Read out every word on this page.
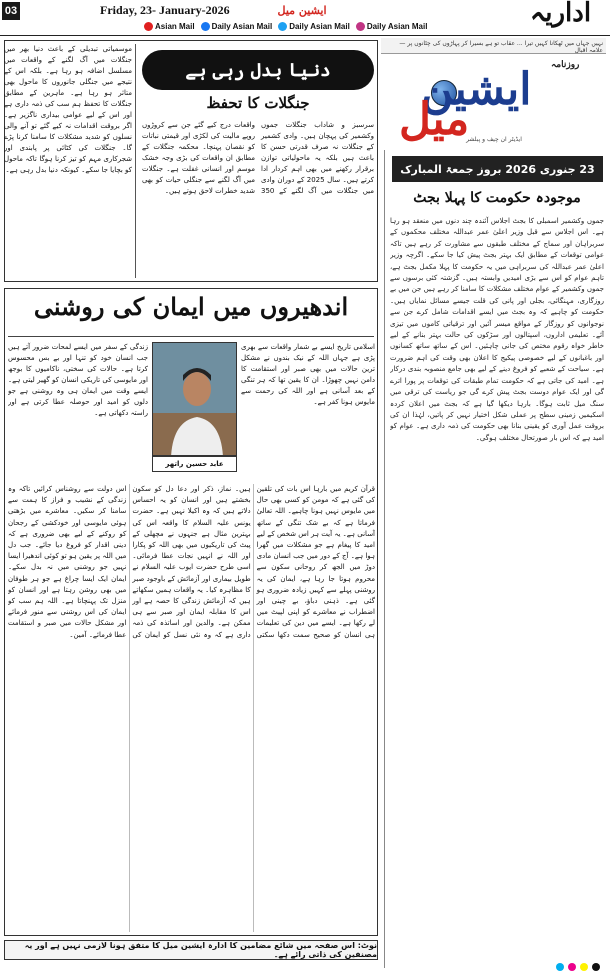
03	Friday, 23- January-2026	ایشین میل	اداریہ
Asian Mail Daily Asian Mail Daily Asian Mail Daily Asian Mail
نہیں جہاں میں ٹھکانا کہیں تیرا ... عقاب تو ہے بسیرا کر پہاڑوں کی چٹانوں پر — علامہ اقبال
روزنامہ
ایشین
میل
ایڈیٹر ان چیف و پبلشر
23 جنوری 2026 بروز جمعۃ المبارک
موجودہ حکومت کا پہلا بجٹ
جموں وکشمیر اسمبلی کا بجٹ اجلاس آئندہ چند دنوں میں منعقد ہو رہا ہے۔ اس اجلاس سے قبل وزیر اعلیٰ عمر عبداللہ مختلف محکموں کے سربراہان اور سماج کے مختلف طبقوں سے مشاورت کر رہے ہیں تاکہ عوامی توقعات کے مطابق ایک بہتر بجٹ پیش کیا جا سکے۔ اگرچہ وزیر اعلیٰ عمر عبداللہ کی سربراہی میں یہ حکومت کا پہلا مکمل بجٹ ہے، تاہم عوام کو اس سے بڑی امیدیں وابستہ ہیں۔ گزشتہ کئی برسوں سے جموں وکشمیر کے عوام مختلف مشکلات کا سامنا کر رہے ہیں جن میں بے روزگاری، مہنگائی، بجلی اور پانی کی قلت جیسے مسائل نمایاں ہیں۔ حکومت کو چاہیے کہ وہ بجٹ میں ایسے اقدامات شامل کرے جن سے نوجوانوں کو روزگار کے مواقع میسر آئیں اور ترقیاتی کاموں میں تیزی آئے۔ تعلیمی اداروں، اسپتالوں اور سڑکوں کی حالت بہتر بنانے کے لیے خاطر خواہ رقوم مختص کی جانی چاہئیں۔ اس کے ساتھ ساتھ کسانوں اور باغبانوں کے لیے خصوصی پیکیج کا اعلان بھی وقت کی اہم ضرورت ہے۔ سیاحت کے شعبے کو فروغ دینے کے لیے بھی جامع منصوبہ بندی درکار ہے۔ امید کی جاتی ہے کہ حکومت تمام طبقات کی توقعات پر پورا اترے گی اور ایک عوام دوست بجٹ پیش کرے گی جو ریاست کی ترقی میں سنگ میل ثابت ہوگا۔ بارہا دیکھا گیا ہے کہ بجٹ میں اعلان کردہ اسکیمیں زمینی سطح پر عملی شکل اختیار نہیں کر پاتیں، لہٰذا ان کی بروقت عمل آوری کو یقینی بنانا بھی حکومت کی ذمہ داری ہے۔ عوام کو امید ہے کہ اس بار صورتحال مختلف ہوگی۔
موسمیاتی تبدیلی کے باعث دنیا بھر میں جنگلات میں آگ لگنے کے واقعات میں مسلسل اضافہ ہو رہا ہے۔ بلکہ اس کے نتیجے میں جنگلی جانوروں کا ماحول بھی متاثر ہو رہا ہے۔ ماہرین کے مطابق جنگلات کا تحفظ ہم سب کی ذمہ داری ہے اور اس کے لیے عوامی بیداری ناگزیر ہے۔ اگر بروقت اقدامات نہ کیے گئے تو آنے والی نسلوں کو شدید مشکلات کا سامنا کرنا پڑے گا۔ جنگلات کی کٹائی پر پابندی اور شجرکاری مہم کو تیز کرنا ہوگا تاکہ ماحول کو بچایا جا سکے۔ کیونکہ دنیا بدل رہی ہے۔
دنیا بدل رہی ہے
جنگلات کا تحفظ
سرسبز و شاداب جنگلات جموں وکشمیر کی پہچان ہیں۔ وادی کشمیر کے جنگلات نہ صرف قدرتی حسن کا باعث ہیں بلکہ یہ ماحولیاتی توازن برقرار رکھنے میں بھی اہم کردار ادا کرتے ہیں۔ سال 2025 کے دوران وادی میں جنگلات میں آگ لگنے کے 350 واقعات درج کیے گئے جن سے کروڑوں روپے مالیت کی لکڑی اور قیمتی نباتات کو نقصان پہنچا۔ محکمہ جنگلات کے مطابق ان واقعات کی بڑی وجہ خشک موسم اور انسانی غفلت ہے۔ جنگلات میں آگ لگنے سے جنگلی حیات کو بھی شدید خطرات لاحق ہوتے ہیں۔
اندھیروں میں ایمان کی روشنی
عابد حسین راتھر
زندگی کے سفر میں ایسے لمحات ضرور آتے ہیں جب انسان خود کو تنہا اور بے بس محسوس کرتا ہے۔ حالات کی سختی، ناکامیوں کا بوجھ اور مایوسی کی تاریکی انسان کو گھیر لیتی ہے۔ ایسے وقت میں ایمان ہی وہ روشنی ہے جو دلوں کو امید اور حوصلہ عطا کرتی ہے اور راستہ دکھاتی ہے۔
اسلامی تاریخ ایسے بے شمار واقعات سے بھری پڑی ہے جہاں اللہ کے نیک بندوں نے مشکل ترین حالات میں بھی صبر اور استقامت کا دامن نہیں چھوڑا۔ ان کا یقین تھا کہ ہر تنگی کے بعد آسانی ہے اور اللہ کی رحمت سے مایوس ہونا کفر ہے۔
قرآن کریم میں بارہا اس بات کی تلقین کی گئی ہے کہ مومن کو کسی بھی حال میں مایوس نہیں ہونا چاہیے۔ اللہ تعالیٰ فرماتا ہے کہ بے شک تنگی کے ساتھ آسانی ہے۔ یہ آیت ہر اس شخص کے لیے امید کا پیغام ہے جو مشکلات میں گھرا ہوا ہے۔ آج کے دور میں جب انسان مادی دوڑ میں الجھ کر روحانی سکون سے محروم ہوتا جا رہا ہے، ایمان کی یہ روشنی پہلے سے کہیں زیادہ ضروری ہو گئی ہے۔ ذہنی دباؤ، بے چینی اور اضطراب نے معاشرے کو اپنی لپیٹ میں لے رکھا ہے۔ ایسے میں دین کی تعلیمات ہی انسان کو صحیح سمت دکھا سکتی ہیں۔ نماز، ذکر اور دعا دل کو سکون بخشتے ہیں اور انسان کو یہ احساس دلاتے ہیں کہ وہ اکیلا نہیں ہے۔ حضرت یونس علیہ السلام کا واقعہ اس کی بہترین مثال ہے جنہوں نے مچھلی کے پیٹ کی تاریکیوں میں بھی اللہ کو پکارا اور اللہ نے انہیں نجات عطا فرمائی۔ اسی طرح حضرت ایوب علیہ السلام نے طویل بیماری اور آزمائش کے باوجود صبر کا مظاہرہ کیا۔ یہ واقعات ہمیں سکھاتے ہیں کہ آزمائش زندگی کا حصہ ہے اور اس کا مقابلہ ایمان اور صبر سے ہی ممکن ہے۔ والدین اور اساتذہ کی ذمہ داری ہے کہ وہ نئی نسل کو ایمان کی اس دولت سے روشناس کرائیں تاکہ وہ زندگی کے نشیب و فراز کا ہمت سے سامنا کر سکیں۔ معاشرے میں بڑھتی ہوئی مایوسی اور خودکشی کے رجحان کو روکنے کے لیے بھی ضروری ہے کہ دینی اقدار کو فروغ دیا جائے۔ جب دل میں اللہ پر یقین ہو تو کوئی اندھیرا ایسا نہیں جو روشنی میں نہ بدل سکے۔ ایمان ایک ایسا چراغ ہے جو ہر طوفان میں بھی روشن رہتا ہے اور انسان کو منزل تک پہنچاتا ہے۔ اللہ ہم سب کو ایمان کی اس روشنی سے منور فرمائے اور مشکل حالات میں صبر و استقامت عطا فرمائے۔ آمین۔
نوٹ: اس صفحہ میں شائع مضامین کا ادارہ ایشین میل کا متفق ہونا لازمی نہیں ہے اور یہ مصنفین کی ذاتی رائے ہے۔
